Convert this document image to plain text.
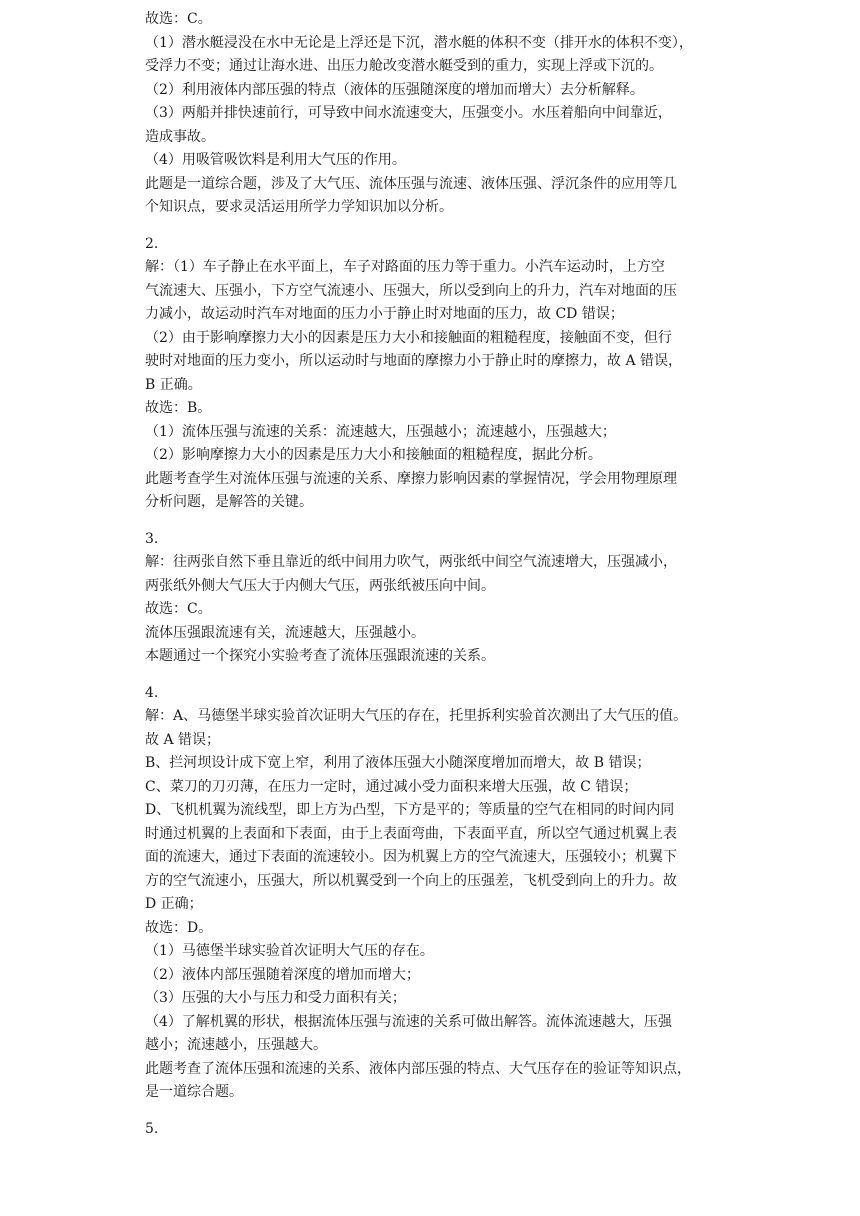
故选：C。
（1）潜水艇浸没在水中无论是上浮还是下沉，潜水艇的体积不变（排开水的体积不变），
受浮力不变；通过让海水进、出压力舱改变潜水艇受到的重力，实现上浮或下沉的。
（2）利用液体内部压强的特点（液体的压强随深度的增加而增大）去分析解释。
（3）两船并排快速前行，可导致中间水流速变大，压强变小。水压着船向中间靠近，
造成事故。
（4）用吸管吸饮料是利用大气压的作用。
此题是一道综合题，涉及了大气压、流体压强与流速、液体压强、浮沉条件的应用等几
个知识点，要求灵活运用所学力学知识加以分析。
2.
解：（1）车子静止在水平面上，车子对路面的压力等于重力。小汽车运动时，上方空
气流速大、压强小，下方空气流速小、压强大，所以受到向上的升力，汽车对地面的压
力减小，故运动时汽车对地面的压力小于静止时对地面的压力，故 CD 错误；
（2）由于影响摩擦力大小的因素是压力大小和接触面的粗糙程度，接触面不变，但行
驶时对地面的压力变小，所以运动时与地面的摩擦力小于静止时的摩擦力，故 A 错误，
B 正确。
故选：B。
（1）流体压强与流速的关系：流速越大，压强越小；流速越小，压强越大；
（2）影响摩擦力大小的因素是压力大小和接触面的粗糙程度，据此分析。
此题考查学生对流体压强与流速的关系、摩擦力影响因素的掌握情况，学会用物理原理
分析问题，是解答的关键。
3.
解：往两张自然下垂且靠近的纸中间用力吹气，两张纸中间空气流速增大，压强减小，
两张纸外侧大气压大于内侧大气压，两张纸被压向中间。
故选：C。
流体压强跟流速有关，流速越大，压强越小。
本题通过一个探究小实验考查了流体压强跟流速的关系。
4.
解：A、马德堡半球实验首次证明大气压的存在，托里拆利实验首次测出了大气压的值。
故 A 错误；
B、拦河坝设计成下宽上窄，利用了液体压强大小随深度增加而增大，故 B 错误；
C、菜刀的刀刃薄，在压力一定时，通过减小受力面积来增大压强，故 C 错误；
D、飞机机翼为流线型，即上方为凸型，下方是平的；等质量的空气在相同的时间内同
时通过机翼的上表面和下表面，由于上表面弯曲，下表面平直，所以空气通过机翼上表
面的流速大，通过下表面的流速较小。因为机翼上方的空气流速大，压强较小；机翼下
方的空气流速小，压强大，所以机翼受到一个向上的压强差，飞机受到向上的升力。故
D 正确；
故选：D。
（1）马德堡半球实验首次证明大气压的存在。
（2）液体内部压强随着深度的增加而增大；
（3）压强的大小与压力和受力面积有关；
（4）了解机翼的形状，根据流体压强与流速的关系可做出解答。流体流速越大，压强
越小；流速越小，压强越大。
此题考查了流体压强和流速的关系、液体内部压强的特点、大气压存在的验证等知识点，
是一道综合题。
5.
